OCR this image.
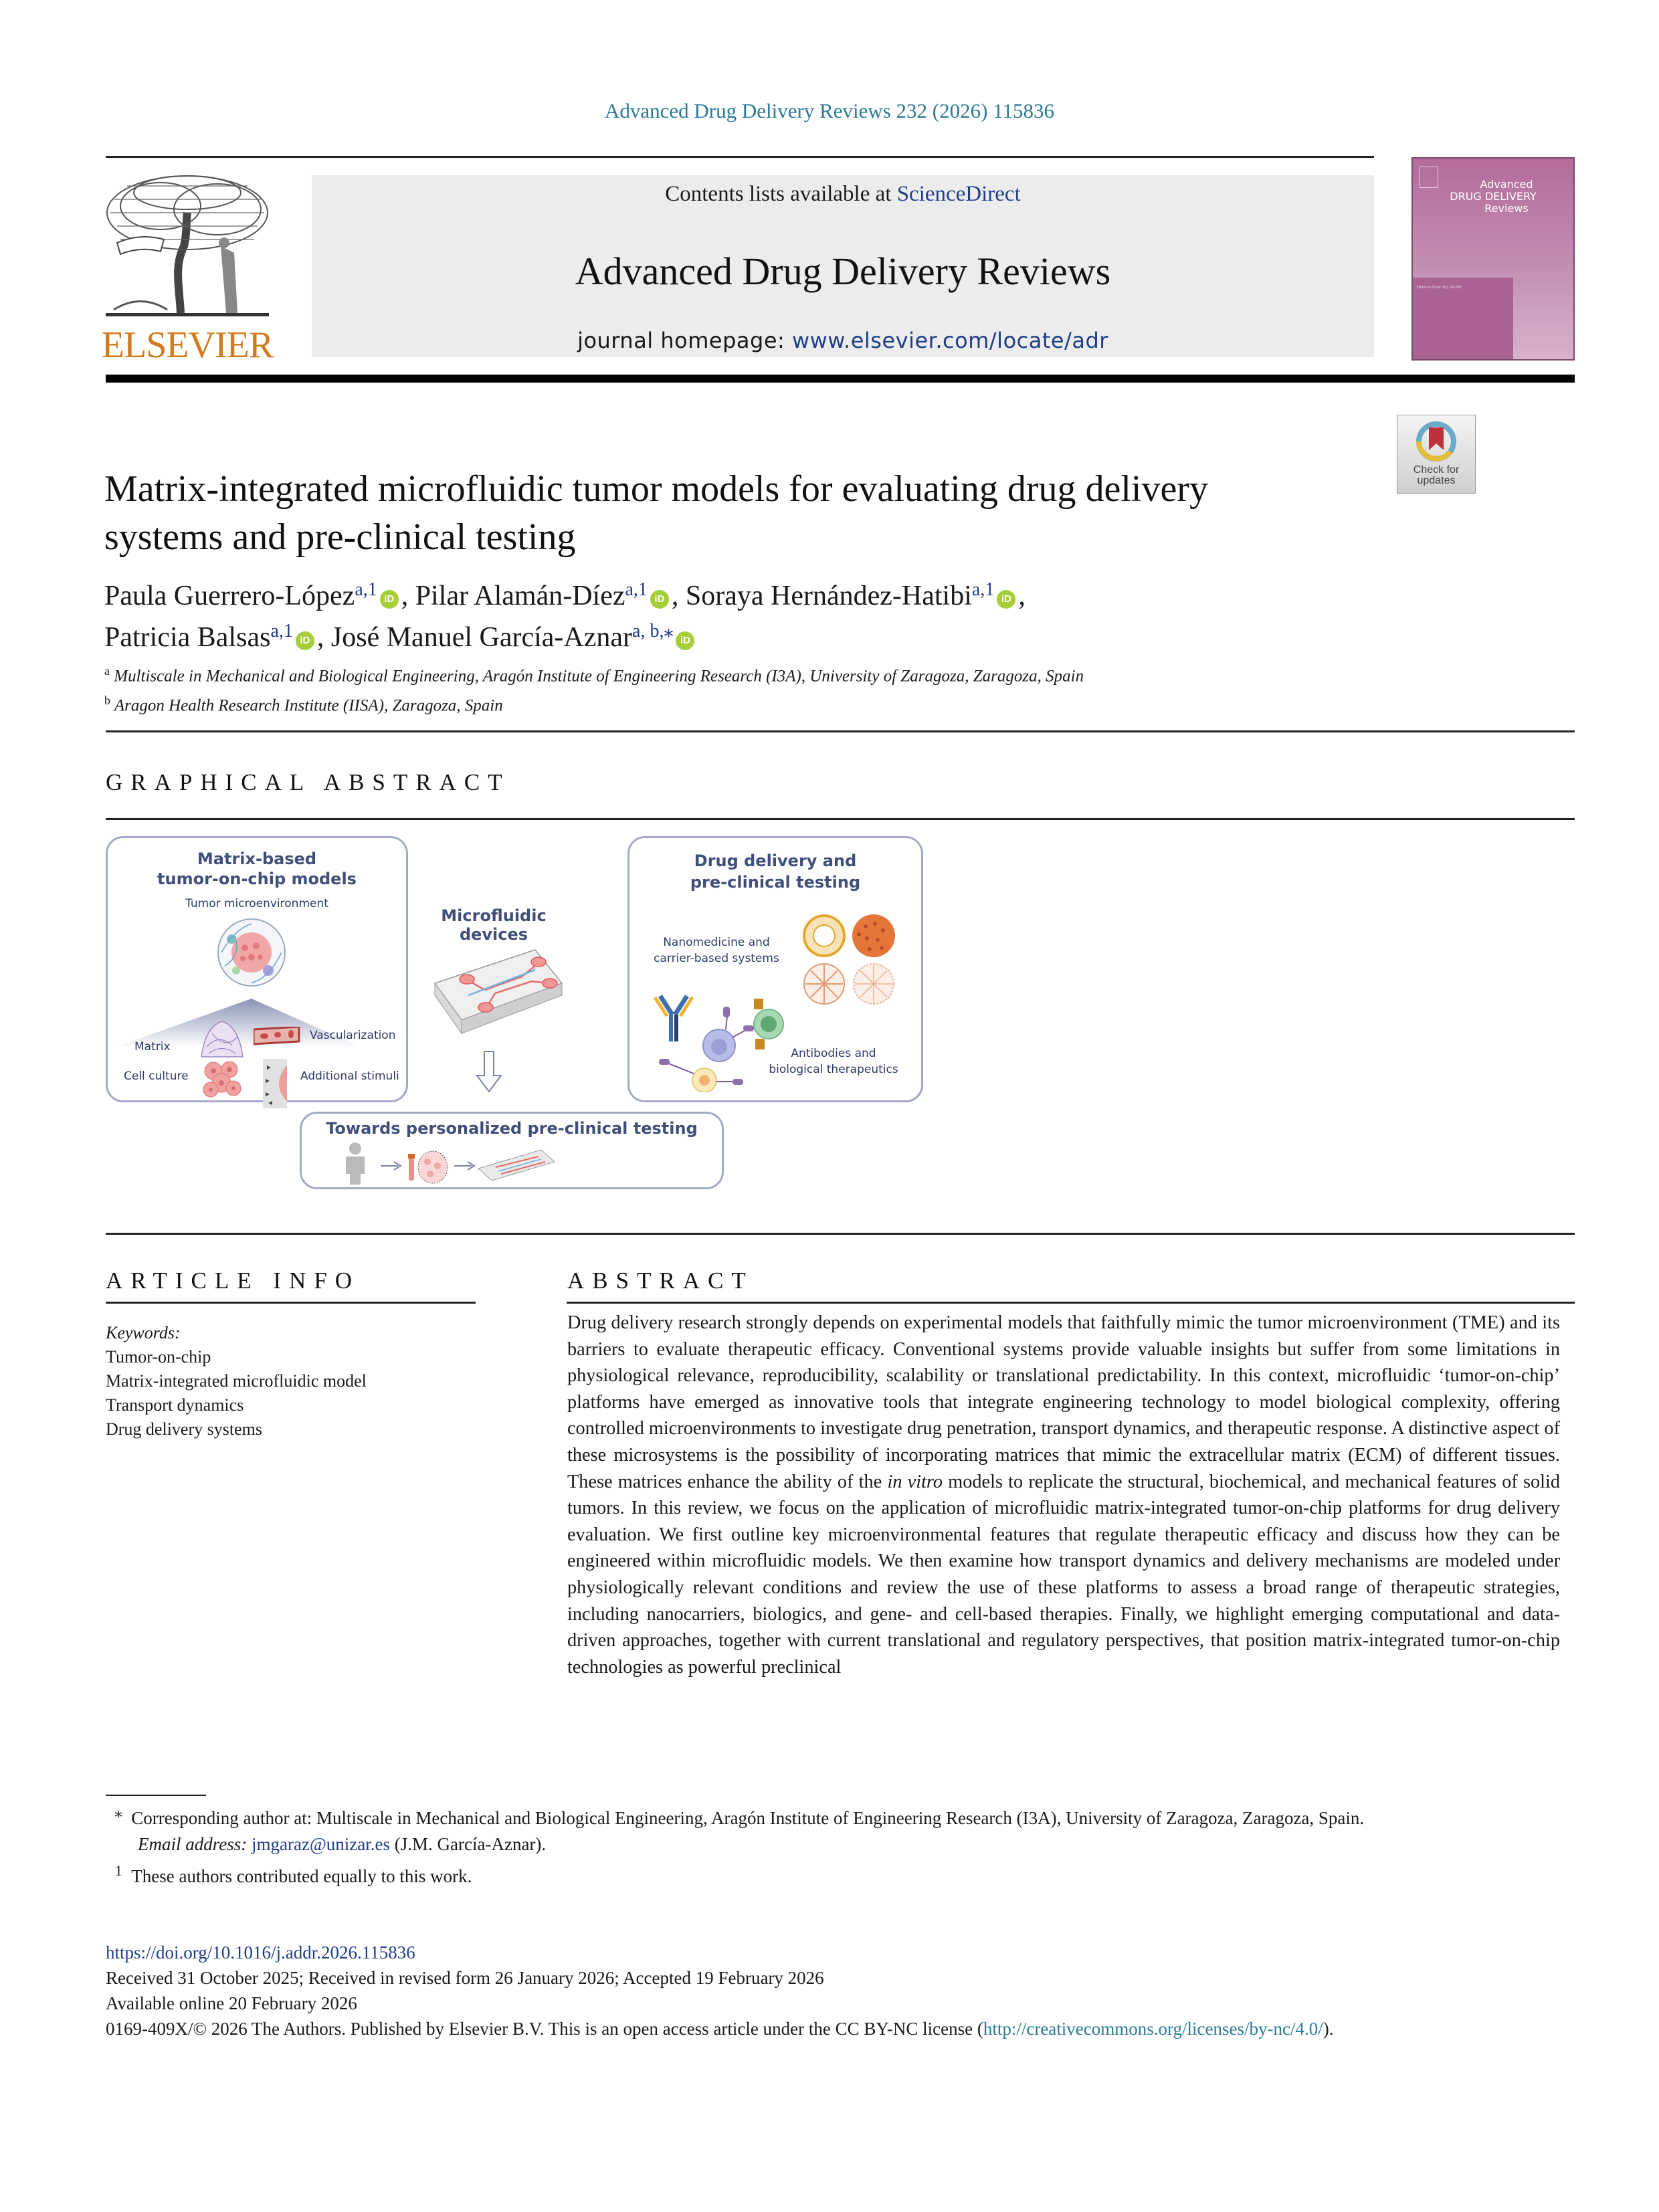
Advanced Drug Delivery Reviews 232 (2026) 115836
ELSEVIER
Contents lists available at ScienceDirect
Advanced Drug Delivery Reviews
journal homepage: www.elsevier.com/locate/adr
Advanced
DRUG DELIVERY
Reviews
Editor-in-Chief: M.J. VICENT
Check for
updates
Matrix-integrated microfluidic tumor models for evaluating drug delivery
systems and pre-clinical testing
Paula Guerrero-López$^{a,1}$ iD , Pilar Alamán-Díez$^{a,1}$ iD , Soraya Hernández-Hatibi$^{a,1}$ iD ,
Patricia Balsas$^{a,1}$ iD , José Manuel García-Aznar$^{a, b,⁎}$ iD
$^a$ Multiscale in Mechanical and Biological Engineering, Aragón Institute of Engineering Research (I3A), University of Zaragoza, Zaragoza, Spain
$^b$ Aragon Health Research Institute (IISA), Zaragoza, Spain
GRAPHICAL ABSTRACT
Matrix-based
tumor-on-chip models
Tumor microenvironment
Matrix
Vascularization
Cell culture	Additional stimuli
Microfluidic devices
Drug delivery and
pre-clinical testing
Nanomedicine and
carrier-based systems
Antibodies and
biological therapeutics
Towards personalized pre-clinical testing
ARTICLE INFO
Keywords:
Tumor-on-chip
Matrix-integrated microfluidic model
Transport dynamics
Drug delivery systems
ABSTRACT

Drug delivery research strongly depends on experimental models that faithfully mimic the tumor microenvironment (TME) and its barriers to evaluate therapeutic efficacy. Conventional systems provide valuable insights but suffer from some limitations in physiological relevance, reproducibility, scalability or translational predictability. In this context, microfluidic ‘tumor-on-chip’ platforms have emerged as innovative tools that integrate engineering technology to model biological complexity, offering controlled microenvironments to investigate drug penetration, transport dynamics, and therapeutic response. A distinctive aspect of these microsystems is the possibility of incorporating matrices that mimic the extracellular matrix (ECM) of different tissues. These matrices enhance the ability of the in vitro models to replicate the structural, biochemical, and mechanical features of solid tumors. In this review, we focus on the application of microfluidic matrix-integrated tumor-on-chip platforms for drug delivery evaluation. We first outline key microenvironmental features that regulate therapeutic efficacy and discuss how they can be engineered within microfluidic models. We then examine how transport dynamics and delivery mechanisms are modeled under physiologically relevant conditions and review the use of these platforms to assess a broad range of therapeutic strategies, including nanocarriers, biologics, and gene- and cell-based therapies. Finally, we highlight emerging computational and data-driven approaches, together with current translational and regulatory perspectives, that position matrix-integrated tumor-on-chip technologies as powerful preclinical

⁎ Corresponding author at: Multiscale in Mechanical and Biological Engineering, Aragón Institute of Engineering Research (I3A), University of Zaragoza, Zaragoza, Spain.

Email address: jmgaraz@unizar.es (J.M. García-Aznar).

$^1$ These authors contributed equally to this work.

https://doi.org/10.1016/j.addr.2026.115836
Received 31 October 2025; Received in revised form 26 January 2026; Accepted 19 February 2026
Available online 20 February 2026
0169-409X/© 2026 The Authors. Published by Elsevier B.V. This is an open access article under the CC BY-NC license (http://creativecommons.org/licenses/by-nc/4.0/).
